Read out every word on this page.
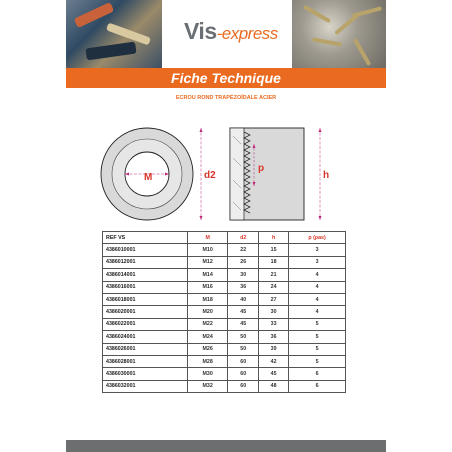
Vis-express
Fiche Technique
ECROU ROND TRAPÉZOÏDALE ACIER
M	d2
p
h
REF VS	M	d2	h	p (pas)
4386010001	M10	22	15	3
4386012001	M12	26	18	3
4386014001	M14	30	21	4
4386016001	M16	36	24	4
4386018001	M18	40	27	4
4386020001	M20	45	30	4
4386022001	M22	45	33	5
4386024001	M24	50	36	5
4386026001	M26	50	39	5
4386028001	M28	60	42	5
4386030001	M30	60	45	6
4386032001	M32	60	48	6
